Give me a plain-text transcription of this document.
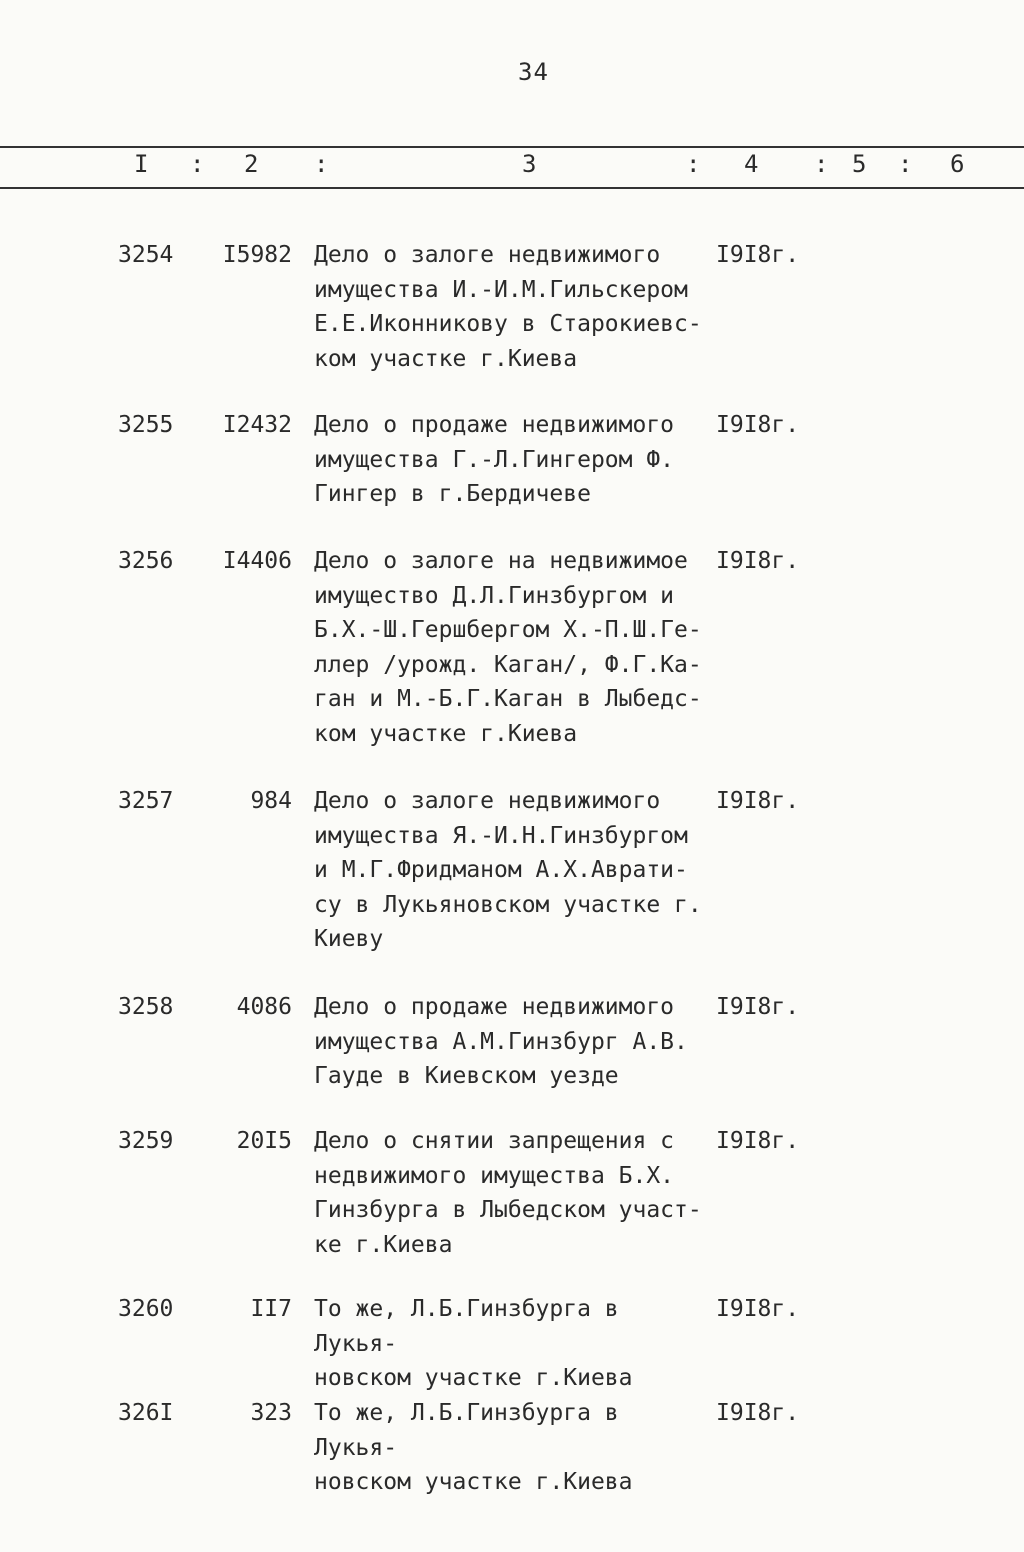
34
I : 2 :	3	: 4 : 5 : 6
3254	I5982 Дело о залоге недвижимого
имущества И.-И.М.Гильскером
Е.Е.Иконникову в Старокиевс-
ком участке г.Киева
I9I8г.
3255	I2432 Дело о продаже недвижимого
имущества Г.-Л.Гингером Ф.
Гингер в г.Бердичеве
I9I8г.
3256	I4406 Дело о залоге на недвижимое
имущество Д.Л.Гинзбургом и
Б.Х.-Ш.Гершбергом Х.-П.Ш.Ге-
ллер /урожд. Каган/, Ф.Г.Ка-
ган и М.-Б.Г.Каган в Лыбедс-
ком участке г.Киева
I9I8г.
3257	984 Дело о залоге недвижимого
имущества Я.-И.Н.Гинзбургом
и М.Г.Фридманом А.Х.Аврати-
су в Лукьяновском участке г.
Киеву
I9I8г.
3258	4086 Дело о продаже недвижимого
имущества А.М.Гинзбург А.В.
Гауде в Киевском уезде
I9I8г.
3259	20I5 Дело о снятии запрещения с
недвижимого имущества Б.Х.
Гинзбурга в Лыбедском участ-
ке г.Киева
I9I8г.
3260	II7 То же, Л.Б.Гинзбурга в Лукья-
новском участке г.Киева
I9I8г.
326I	323 То же, Л.Б.Гинзбурга в Лукья-
новском участке г.Киева
I9I8г.
